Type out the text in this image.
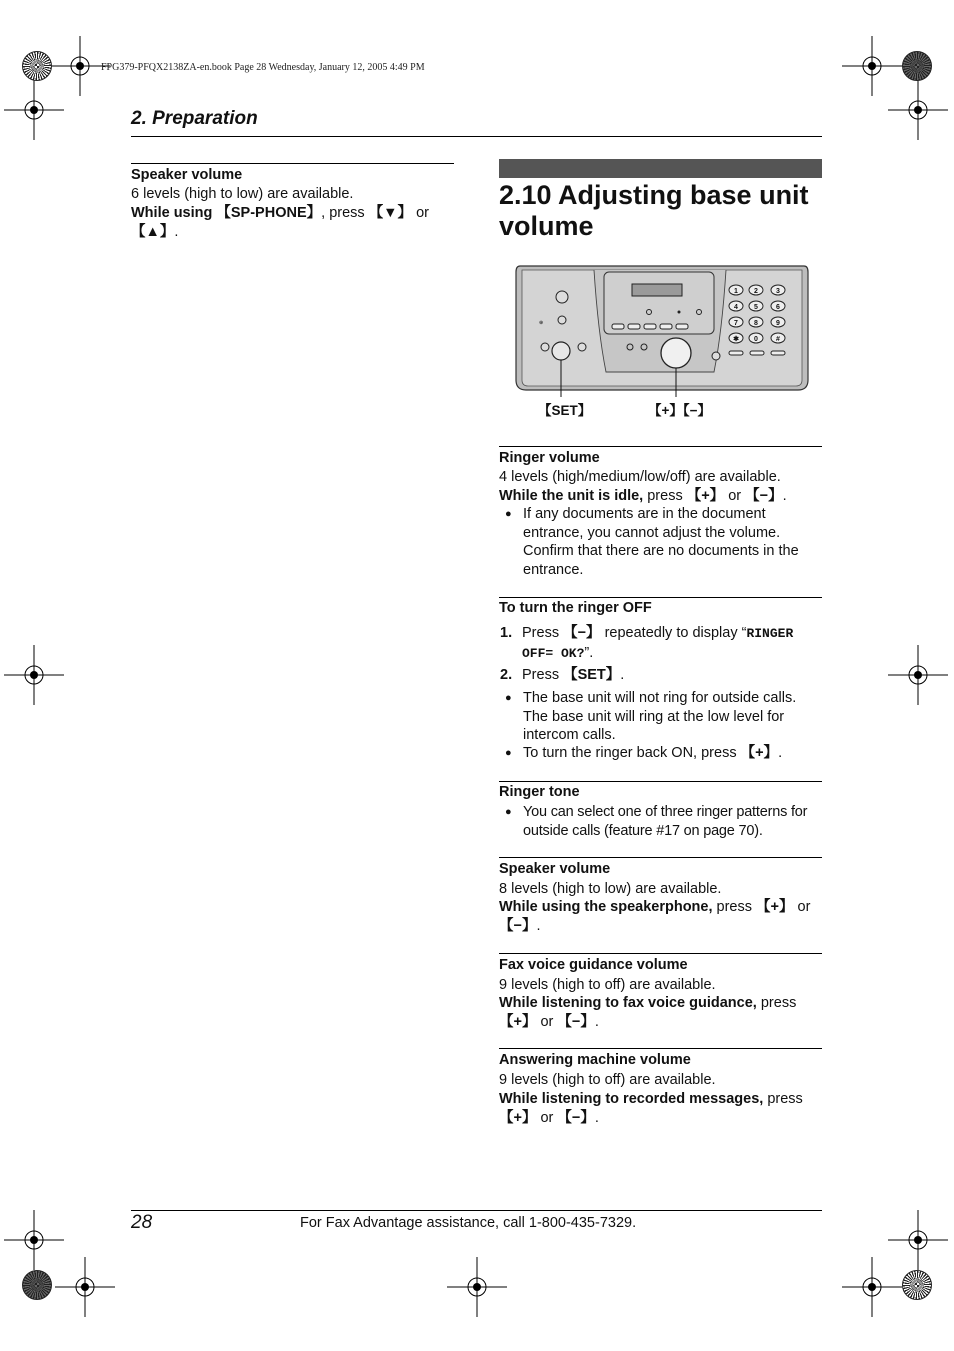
FPG379-PFQX2138ZA-en.book Page 28 Wednesday, January 12, 2005 4:49 PM
2. Preparation
Speaker volume
6 levels (high to low) are available.
While using 【SP-PHONE】, press 【▼】 or 【▲】.
2.10 Adjusting base unit volume
⊕
1 2	3
4 5	6
7 8	9
✱ 0	#
【SET】	【+】【−】
Ringer volume
4 levels (high/medium/low/off) are available.
While the unit is idle, press 【+】 or 【−】.
● If any documents are in the document entrance, you cannot adjust the volume. Confirm that there are no documents in the entrance.
To turn the ringer OFF
1. Press 【−】 repeatedly to display “RINGER OFF= OK?”.
2. Press 【SET】.
● The base unit will not ring for outside calls. The base unit will ring at the low level for intercom calls.
● To turn the ringer back ON, press 【+】.
Ringer tone
● You can select one of three ringer patterns for outside calls (feature #17 on page 70).
Speaker volume
8 levels (high to low) are available.
While using the speakerphone, press 【+】 or 【−】.
Fax voice guidance volume
9 levels (high to off) are available.
While listening to fax voice guidance, press 【+】 or 【−】.
Answering machine volume
9 levels (high to off) are available.
While listening to recorded messages, press 【+】 or 【−】.
28	For Fax Advantage assistance, call 1-800-435-7329.
